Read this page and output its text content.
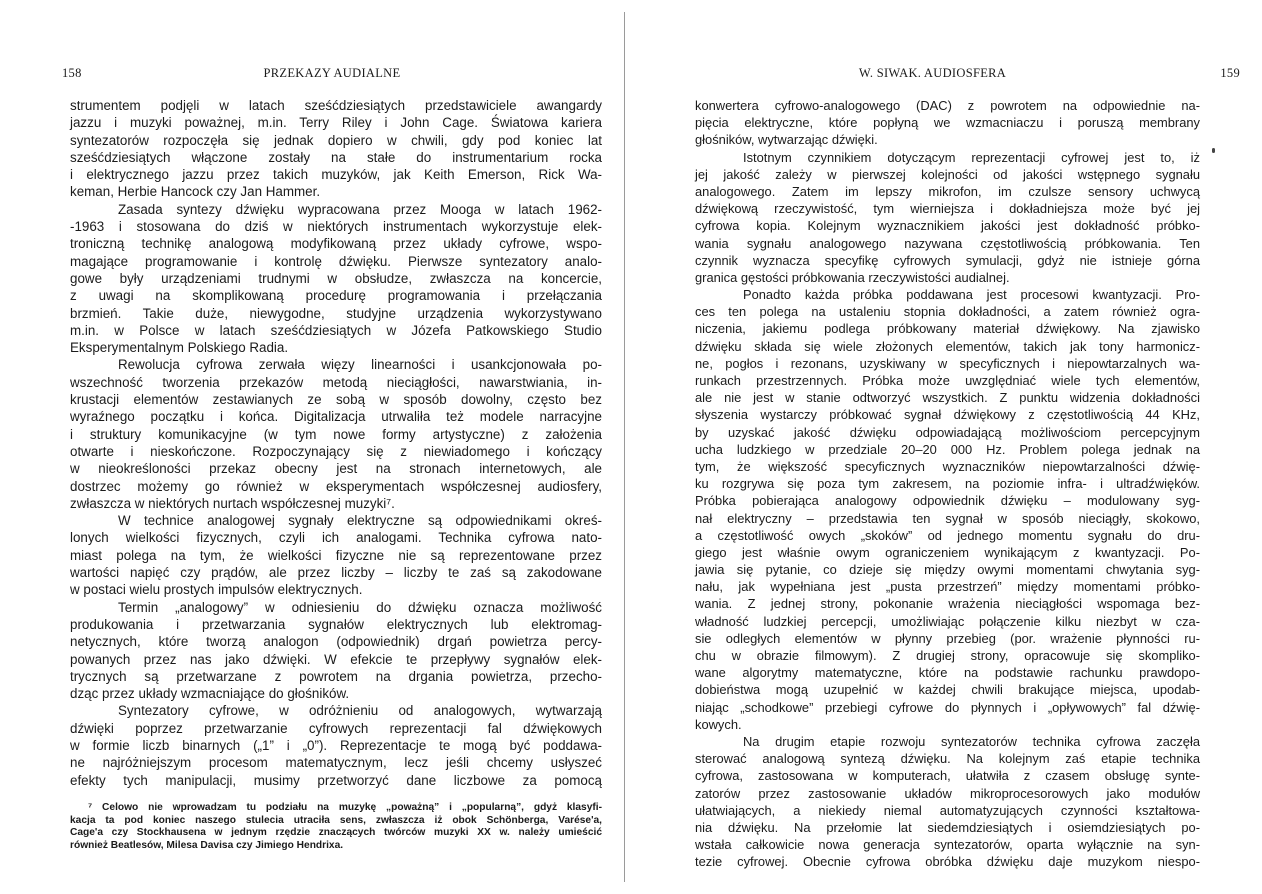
158	PRZEKAZY AUDIALNE
strumentem podjęli w latach sześćdziesiątych przedstawiciele awangardy
jazzu i muzyki poważnej, m.in. Terry Riley i John Cage. Światowa kariera
syntezatorów rozpoczęła się jednak dopiero w chwili, gdy pod koniec lat
sześćdziesiątych włączone zostały na stałe do instrumentarium rocka
i elektrycznego jazzu przez takich muzyków, jak Keith Emerson, Rick Wa-
keman, Herbie Hancock czy Jan Hammer.
Zasada syntezy dźwięku wypracowana przez Mooga w latach 1962-
-1963 i stosowana do dziś w niektórych instrumentach wykorzystuje elek-
troniczną technikę analogową modyfikowaną przez układy cyfrowe, wspo-
magające programowanie i kontrolę dźwięku. Pierwsze syntezatory analo-
gowe były urządzeniami trudnymi w obsłudze, zwłaszcza na koncercie,
z uwagi na skomplikowaną procedurę programowania i przełączania
brzmień. Takie duże, niewygodne, studyjne urządzenia wykorzystywano
m.in. w Polsce w latach sześćdziesiątych w Józefa Patkowskiego Studio
Eksperymentalnym Polskiego Radia.
Rewolucja cyfrowa zerwała więzy linearności i usankcjonowała po-
wszechność tworzenia przekazów metodą nieciągłości, nawarstwiania, in-
krustacji elementów zestawianych ze sobą w sposób dowolny, często bez
wyraźnego początku i końca. Digitalizacja utrwaliła też modele narracyjne
i struktury komunikacyjne (w tym nowe formy artystyczne) z założenia
otwarte i nieskończone. Rozpoczynający się z niewiadomego i kończący
w nieokreśloności przekaz obecny jest na stronach internetowych, ale
dostrzec możemy go również w eksperymentach współczesnej audiosfery,
zwłaszcza w niektórych nurtach współczesnej muzyki⁷.
W technice analogowej sygnały elektryczne są odpowiednikami okreś-
lonych wielkości fizycznych, czyli ich analogami. Technika cyfrowa nato-
miast polega na tym, że wielkości fizyczne nie są reprezentowane przez
wartości napięć czy prądów, ale przez liczby – liczby te zaś są zakodowane
w postaci wielu prostych impulsów elektrycznych.
Termin „analogowy” w odniesieniu do dźwięku oznacza możliwość
produkowania i przetwarzania sygnałów elektrycznych lub elektromag-
netycznych, które tworzą analogon (odpowiednik) drgań powietrza percy-
powanych przez nas jako dźwięki. W efekcie te przepływy sygnałów elek-
trycznych są przetwarzane z powrotem na drgania powietrza, przecho-
dząc przez układy wzmacniające do głośników.
Syntezatory cyfrowe, w odróżnieniu od analogowych, wytwarzają
dźwięki poprzez przetwarzanie cyfrowych reprezentacji fal dźwiękowych
w formie liczb binarnych („1” i „0”). Reprezentacje te mogą być poddawa-
ne najróżniejszym procesom matematycznym, lecz jeśli chcemy usłyszeć
efekty tych manipulacji, musimy przetworzyć dane liczbowe za pomocą
⁷ Celowo nie wprowadzam tu podziału na muzykę „poważną” i „popularną”, gdyż klasyfi-
kacja ta pod koniec naszego stulecia utraciła sens, zwłaszcza iż obok Schönberga, Varése'a,
Cage'a czy Stockhausena w jednym rzędzie znaczących twórców muzyki XX w. należy umieścić
również Beatlesów, Milesa Davisa czy Jimiego Hendrixa.
W. SIWAK. AUDIOSFERA	159
konwertera cyfrowo-analogowego (DAC) z powrotem na odpowiednie na-
pięcia elektryczne, które popłyną we wzmacniaczu i poruszą membrany
głośników, wytwarzając dźwięki.
Istotnym czynnikiem dotyczącym reprezentacji cyfrowej jest to, iż
jej jakość zależy w pierwszej kolejności od jakości wstępnego sygnału
analogowego. Zatem im lepszy mikrofon, im czulsze sensory uchwycą
dźwiękową rzeczywistość, tym wierniejsza i dokładniejsza może być jej
cyfrowa kopia. Kolejnym wyznacznikiem jakości jest dokładność próbko-
wania sygnału analogowego nazywana częstotliwością próbkowania. Ten
czynnik wyznacza specyfikę cyfrowych symulacji, gdyż nie istnieje górna
granica gęstości próbkowania rzeczywistości audialnej.
Ponadto każda próbka poddawana jest procesowi kwantyzacji. Pro-
ces ten polega na ustaleniu stopnia dokładności, a zatem również ogra-
niczenia, jakiemu podlega próbkowany materiał dźwiękowy. Na zjawisko
dźwięku składa się wiele złożonych elementów, takich jak tony harmonicz-
ne, pogłos i rezonans, uzyskiwany w specyficznych i niepowtarzalnych wa-
runkach przestrzennych. Próbka może uwzględniać wiele tych elementów,
ale nie jest w stanie odtworzyć wszystkich. Z punktu widzenia dokładności
słyszenia wystarczy próbkować sygnał dźwiękowy z częstotliwością 44 KHz,
by uzyskać jakość dźwięku odpowiadającą możliwościom percepcyjnym
ucha ludzkiego w przedziale 20–20 000 Hz. Problem polega jednak na
tym, że większość specyficznych wyznaczników niepowtarzalności dźwię-
ku rozgrywa się poza tym zakresem, na poziomie infra- i ultradźwięków.
Próbka pobierająca analogowy odpowiednik dźwięku – modulowany syg-
nał elektryczny – przedstawia ten sygnał w sposób nieciągły, skokowo,
a częstotliwość owych „skoków” od jednego momentu sygnału do dru-
giego jest właśnie owym ograniczeniem wynikającym z kwantyzacji. Po-
jawia się pytanie, co dzieje się między owymi momentami chwytania syg-
nału, jak wypełniana jest „pusta przestrzeń” między momentami próbko-
wania. Z jednej strony, pokonanie wrażenia nieciągłości wspomaga bez-
władność ludzkiej percepcji, umożliwiając połączenie kilku niezbyt w cza-
sie odległych elementów w płynny przebieg (por. wrażenie płynności ru-
chu w obrazie filmowym). Z drugiej strony, opracowuje się skompliko-
wane algorytmy matematyczne, które na podstawie rachunku prawdopo-
dobieństwa mogą uzupełnić w każdej chwili brakujące miejsca, upodab-
niając „schodkowe” przebiegi cyfrowe do płynnych i „opływowych” fal dźwię-
kowych.
Na drugim etapie rozwoju syntezatorów technika cyfrowa zaczęła
sterować analogową syntezą dźwięku. Na kolejnym zaś etapie technika
cyfrowa, zastosowana w komputerach, ułatwiła z czasem obsługę synte-
zatorów przez zastosowanie układów mikroprocesorowych jako modułów
ułatwiających, a niekiedy niemal automatyzujących czynności kształtowa-
nia dźwięku. Na przełomie lat siedemdziesiątych i osiemdziesiątych po-
wstała całkowicie nowa generacja syntezatorów, oparta wyłącznie na syn-
tezie cyfrowej. Obecnie cyfrowa obróbka dźwięku daje muzykom niespo-
